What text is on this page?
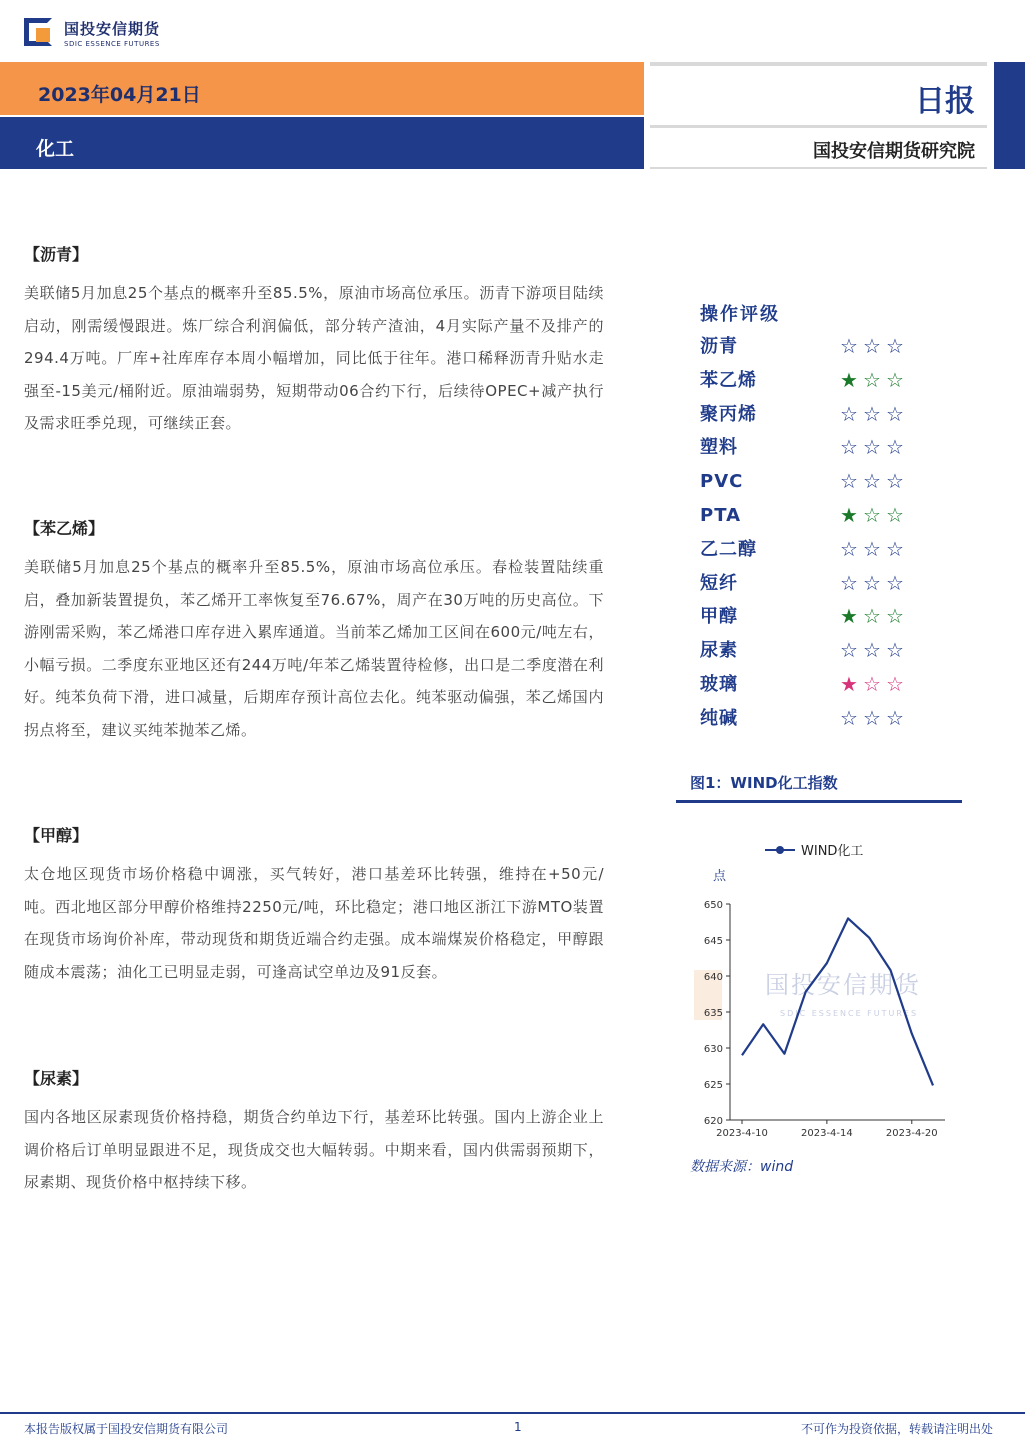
国投安信期货
SDIC ESSENCE FUTURES
2023年04月21日
化工
日报
国投安信期货研究院
【沥青】

美联储5月加息25个基点的概率升至85.5%，原油市场高位承压。沥青下游项目陆续启动，刚需缓慢跟进。炼厂综合利润偏低，部分转产渣油，4月实际产量不及排产的294.4万吨。厂库+社库库存本周小幅增加，同比低于往年。港口稀释沥青升贴水走强至-15美元/桶附近。原油端弱势，短期带动06合约下行，后续待OPEC+减产执行及需求旺季兑现，可继续正套。

【苯乙烯】

美联储5月加息25个基点的概率升至85.5%，原油市场高位承压。春检装置陆续重启，叠加新装置提负，苯乙烯开工率恢复至76.67%，周产在30万吨的历史高位。下游刚需采购，苯乙烯港口库存进入累库通道。当前苯乙烯加工区间在600元/吨左右，小幅亏损。二季度东亚地区还有244万吨/年苯乙烯装置待检修，出口是二季度潜在利好。纯苯负荷下滑，进口减量，后期库存预计高位去化。纯苯驱动偏强，苯乙烯国内拐点将至，建议买纯苯抛苯乙烯。

【甲醇】

太仓地区现货市场价格稳中调涨，买气转好，港口基差环比转强，维持在+50元/吨。西北地区部分甲醇价格维持2250元/吨，环比稳定；港口地区浙江下游MTO装置在现货市场询价补库，带动现货和期货近端合约走强。成本端煤炭价格稳定，甲醇跟随成本震荡；油化工已明显走弱，可逢高试空单边及91反套。

【尿素】

国内各地区尿素现货价格持稳，期货合约单边下行，基差环比转强。国内上游企业上调价格后订单明显跟进不足，现货成交也大幅转弱。中期来看，国内供需弱预期下，尿素期、现货价格中枢持续下移。

操作评级
沥青	☆ ☆ ☆
苯乙烯	★ ☆ ☆
聚丙烯	☆ ☆ ☆
塑料	☆ ☆ ☆
PVC	☆ ☆ ☆
PTA	★ ☆ ☆
乙二醇	☆ ☆ ☆
短纤	☆ ☆ ☆
甲醇	★ ☆ ☆
尿素	☆ ☆ ☆
玻璃	★ ☆ ☆
纯碱	☆ ☆ ☆
图1：WIND化工指数
国投安信期货
SDIC ESSENCE FUTURES
620
625
630
635
640
645
650
2023-4-10	2023-4-14	2023-4-20
点
WIND化工
数据来源：wind
本报告版权属于国投安信期货有限公司	1	不可作为投资依据，转载请注明出处
